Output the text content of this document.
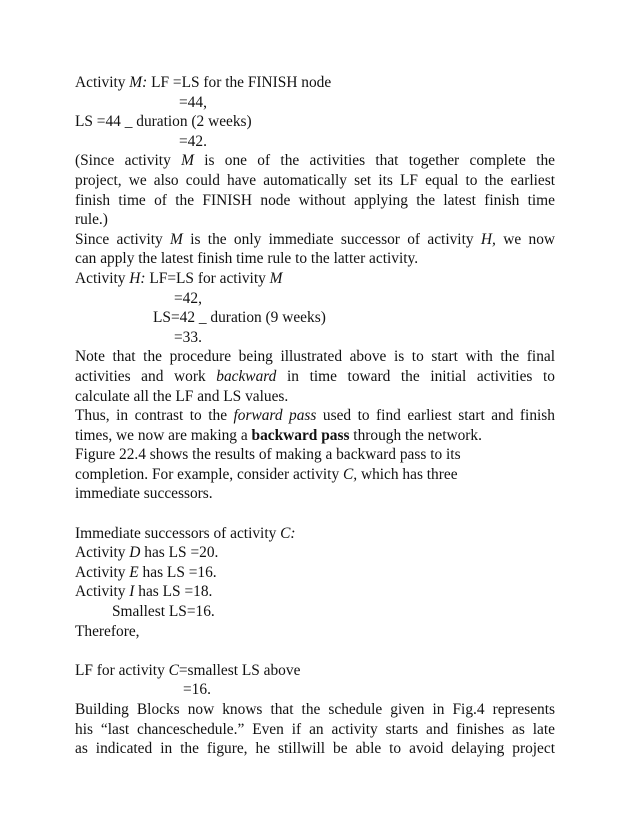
Activity M: LF =LS for the FINISH node

=44,

LS =44 _ duration (2 weeks)

=42.

(Since activity M is one of the activities that together complete the

project, we also could have automatically set its LF equal to the earliest

finish time of the FINISH node without applying the latest finish time

rule.)

Since activity M is the only immediate successor of activity H, we now

can apply the latest finish time rule to the latter activity.

Activity H: LF=LS for activity M

=42,

LS=42 _ duration (9 weeks)

=33.

Note that the procedure being illustrated above is to start with the final

activities and work backward in time toward the initial activities to

calculate all the LF and LS values.

Thus, in contrast to the forward pass used to find earliest start and finish

times, we now are making a backward pass through the network.

Figure 22.4 shows the results of making a backward pass to its

completion. For example, consider activity C, which has three

immediate successors.

Immediate successors of activity C:

Activity D has LS =20.

Activity E has LS =16.

Activity I has LS =18.

Smallest LS=16.

Therefore,

LF for activity C=smallest LS above

=16.

Building Blocks now knows that the schedule given in Fig.4 represents

his “last chanceschedule.” Even if an activity starts and finishes as late

as indicated in the figure, he stillwill be able to avoid delaying project
